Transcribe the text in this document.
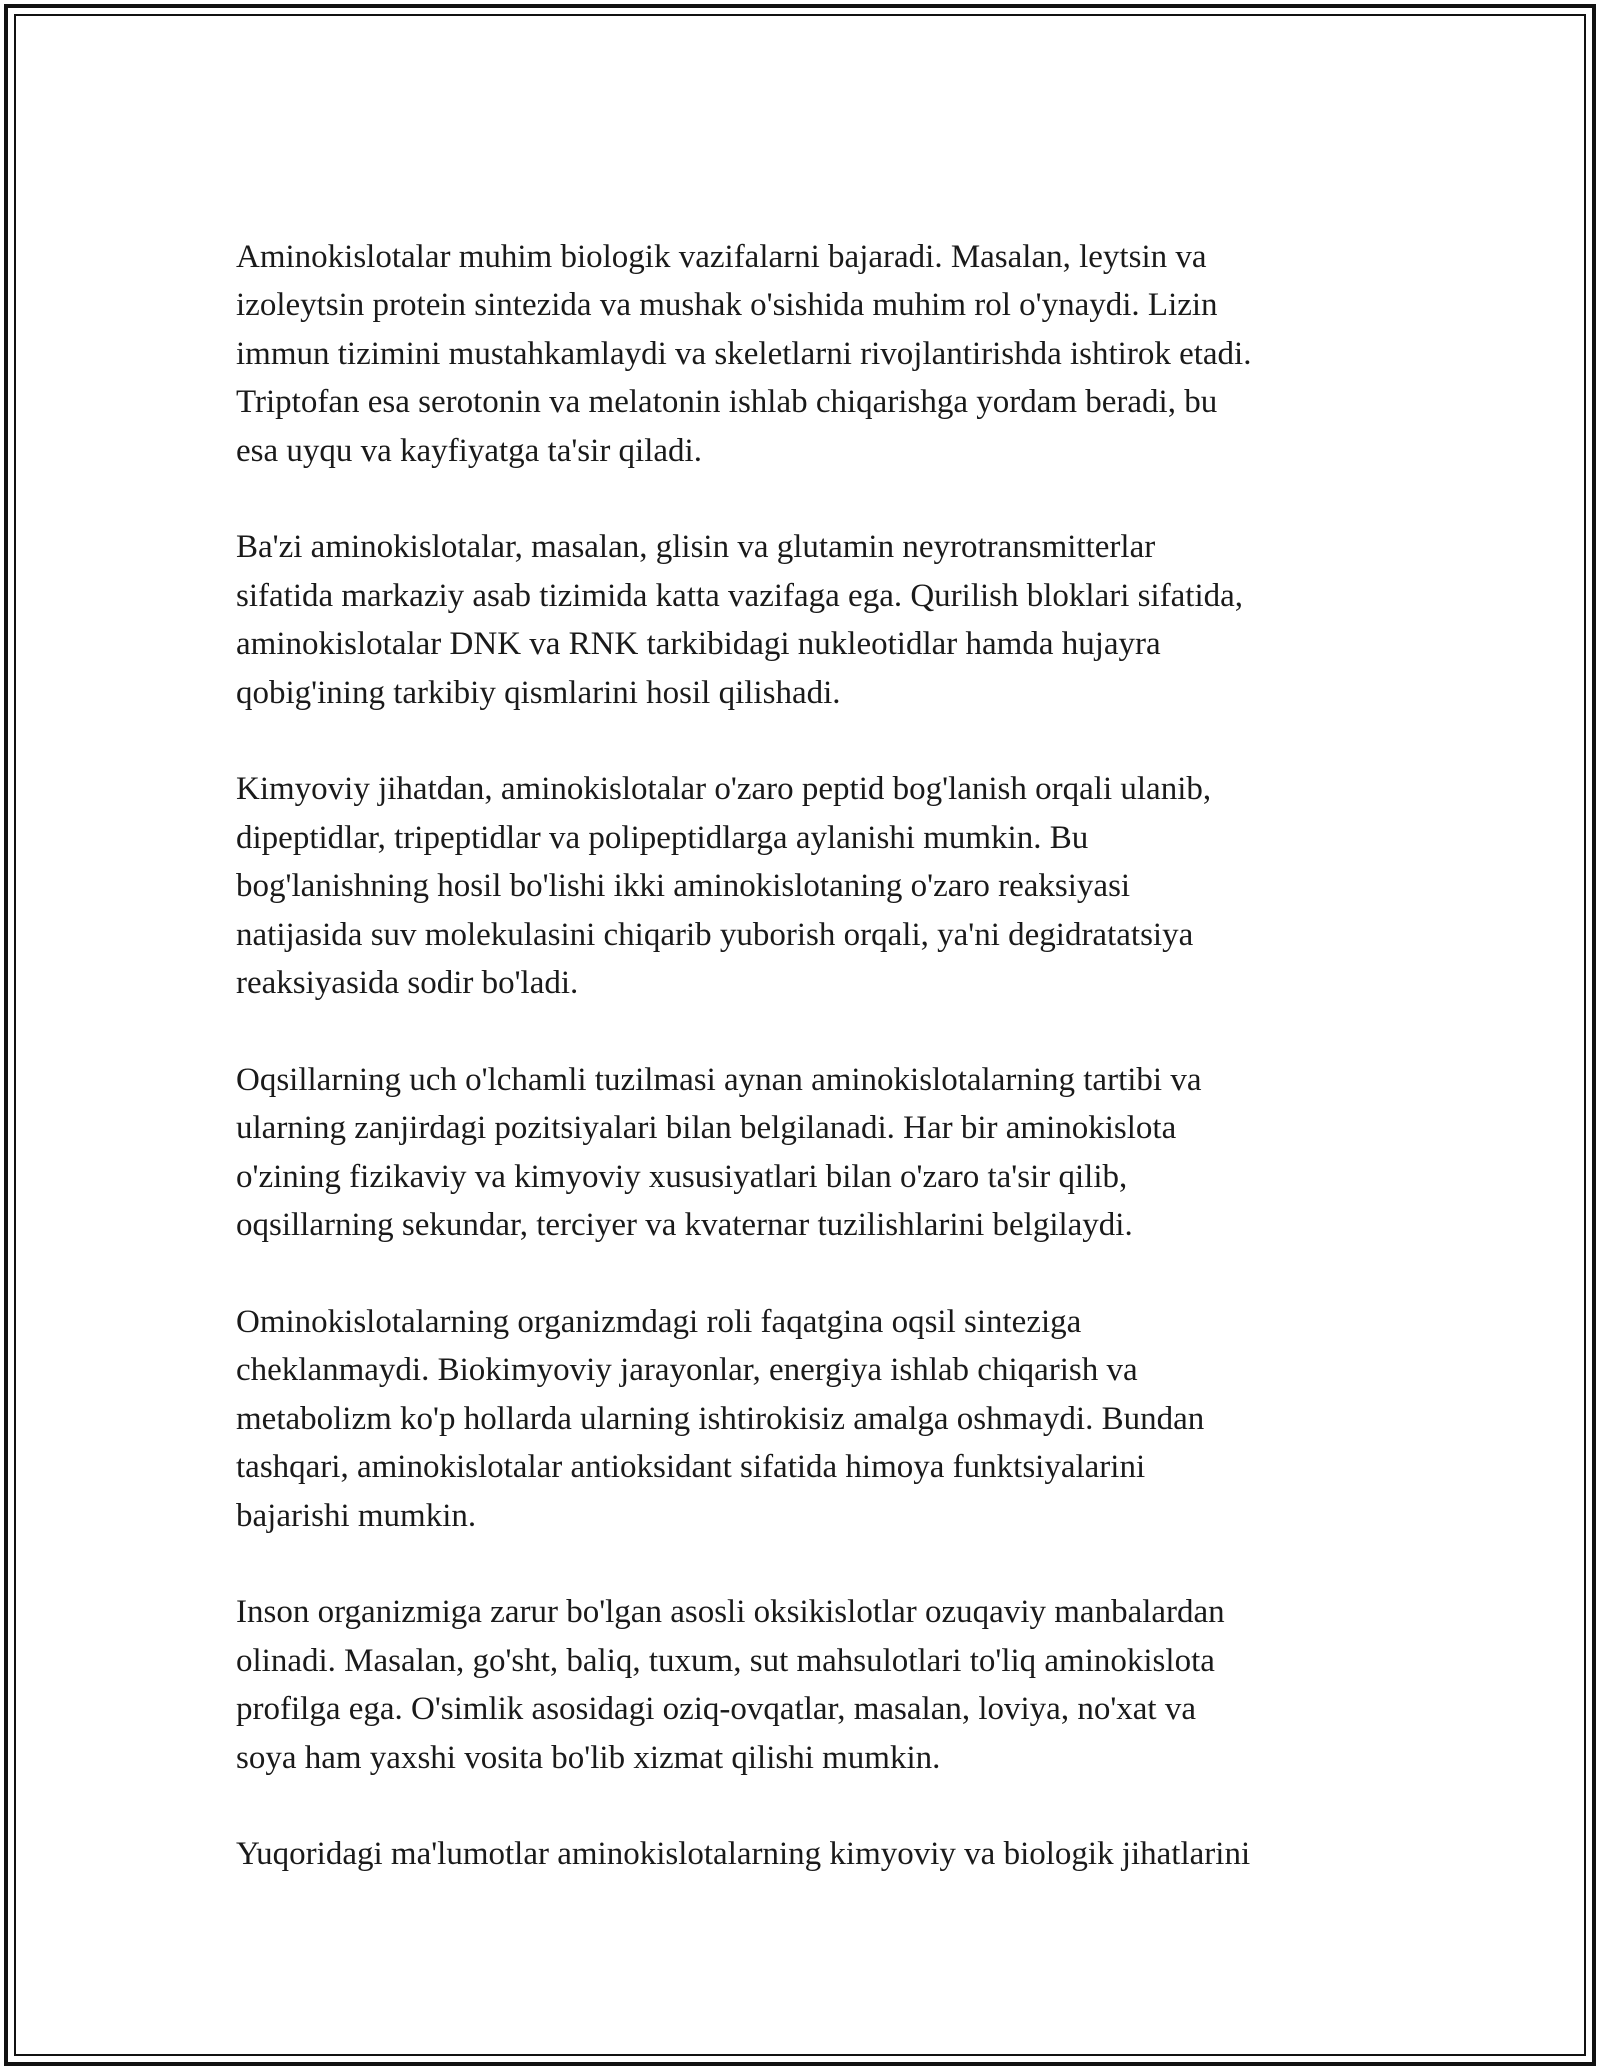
Aminokislotalar muhim biologik vazifalarni bajaradi. Masalan, leytsin va
izoleytsin protein sintezida va mushak o'sishida muhim rol o'ynaydi. Lizin
immun tizimini mustahkamlaydi va skeletlarni rivojlantirishda ishtirok etadi.
Triptofan esa serotonin va melatonin ishlab chiqarishga yordam beradi, bu
esa uyqu va kayfiyatga ta'sir qiladi.

Ba'zi aminokislotalar, masalan, glisin va glutamin neyrotransmitterlar
sifatida markaziy asab tizimida katta vazifaga ega. Qurilish bloklari sifatida,
aminokislotalar DNK va RNK tarkibidagi nukleotidlar hamda hujayra
qobig'ining tarkibiy qismlarini hosil qilishadi.

Kimyoviy jihatdan, aminokislotalar o'zaro peptid bog'lanish orqali ulanib,
dipeptidlar, tripeptidlar va polipeptidlarga aylanishi mumkin. Bu
bog'lanishning hosil bo'lishi ikki aminokislotaning o'zaro reaksiyasi
natijasida suv molekulasini chiqarib yuborish orqali, ya'ni degidratatsiya
reaksiyasida sodir bo'ladi.

Oqsillarning uch o'lchamli tuzilmasi aynan aminokislotalarning tartibi va
ularning zanjirdagi pozitsiyalari bilan belgilanadi. Har bir aminokislota
o'zining fizikaviy va kimyoviy xususiyatlari bilan o'zaro ta'sir qilib,
oqsillarning sekundar, terciyer va kvaternar tuzilishlarini belgilaydi.

Ominokislotalarning organizmdagi roli faqatgina oqsil sinteziga
cheklanmaydi. Biokimyoviy jarayonlar, energiya ishlab chiqarish va
metabolizm ko'p hollarda ularning ishtirokisiz amalga oshmaydi. Bundan
tashqari, aminokislotalar antioksidant sifatida himoya funktsiyalarini
bajarishi mumkin.

Inson organizmiga zarur bo'lgan asosli oksikislotlar ozuqaviy manbalardan
olinadi. Masalan, go'sht, baliq, tuxum, sut mahsulotlari to'liq aminokislota
profilga ega. O'simlik asosidagi oziq-ovqatlar, masalan, loviya, no'xat va
soya ham yaxshi vosita bo'lib xizmat qilishi mumkin.

Yuqoridagi ma'lumotlar aminokislotalarning kimyoviy va biologik jihatlarini
